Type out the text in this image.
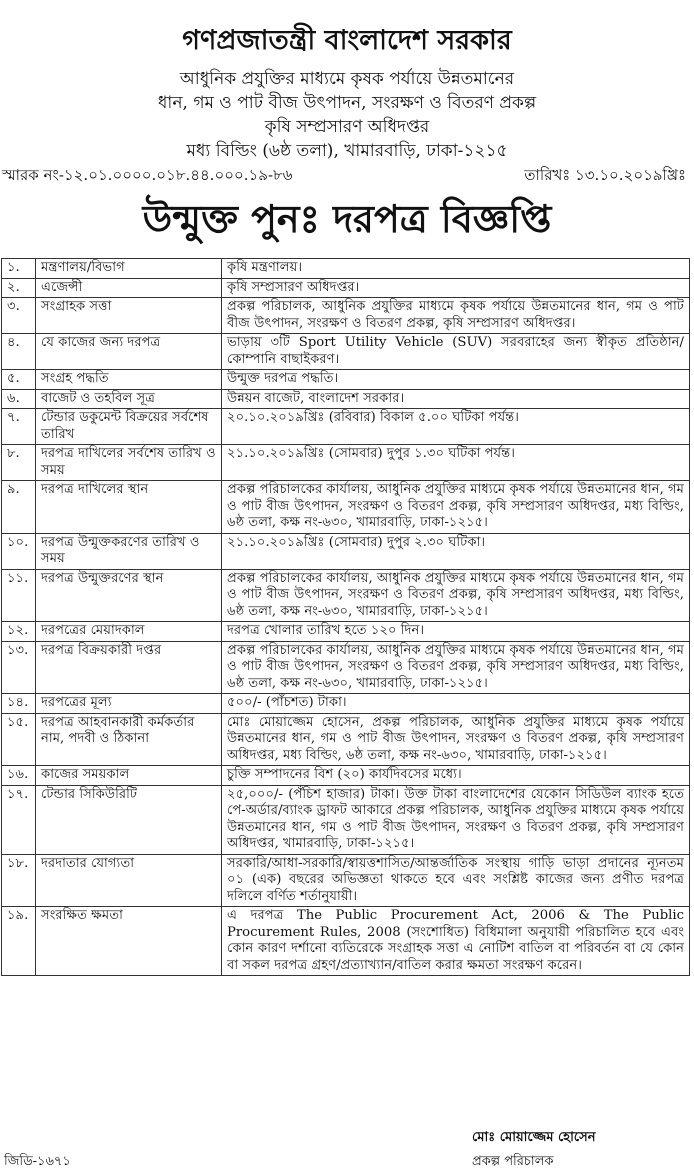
গণপ্রজাতন্ত্রী বাংলাদেশ সরকার
আধুনিক প্রযুক্তির মাধ্যমে কৃষক পর্যায়ে উন্নতমানের
ধান, গম ও পাট বীজ উৎপাদন, সংরক্ষণ ও বিতরণ প্রকল্প
কৃষি সম্প্রসারণ অধিদপ্তর
মধ্য বিল্ডিং (৬ষ্ঠ তলা), খামারবাড়ি, ঢাকা-১২১৫
স্মারক নং-১২.০১.০০০০.০১৮.৪৪.০০০.১৯-৮৬	তারিখঃ ১৩.১০.২০১৯খ্রিঃ
উন্মুক্ত পুনঃ দরপত্র বিজ্ঞপ্তি
১.	মন্ত্রণালয়/বিভাগ	কৃষি মন্ত্রণালয়।
২.	এজেন্সী	কৃষি সম্প্রসারণ অধিদপ্তর।
৩.	সংগ্রাহক সত্তা	প্রকল্প পরিচালক, আধুনিক প্রযুক্তির মাধ্যমে কৃষক পর্যায়ে উন্নতমানের ধান, গম ও পাট বীজ উৎপাদন, সংরক্ষণ ও বিতরণ প্রকল্প, কৃষি সম্প্রসারণ অধিদপ্তর।
৪.	যে কাজের জন্য দরপত্র	ভাড়ায় ৩টি Sport Utility Vehicle (SUV) সরবরাহের জন্য স্বীকৃত প্রতিষ্ঠান/কোম্পানি বাছাইকরণ।
৫.	সংগ্রহ পদ্ধতি	উন্মুক্ত দরপত্র পদ্ধতি।
৬.	বাজেট ও তহবিল সূত্র	উন্নয়ন বাজেট, বাংলাদেশ সরকার।
৭.	টেন্ডার ডকুমেন্ট বিক্রয়ের সর্বশেষ তারিখ	২০.১০.২০১৯খ্রিঃ (রবিবার) বিকাল ৫.০০ ঘটিকা পর্যন্ত।
৮.	দরপত্র দাখিলের সর্বশেষ তারিখ ও সময়	২১.১০.২০১৯খ্রিঃ (সোমবার) দুপুর ১.৩০ ঘটিকা পর্যন্ত।
৯.	দরপত্র দাখিলের স্থান	প্রকল্প পরিচালকের কার্যালয়, আধুনিক প্রযুক্তির মাধ্যমে কৃষক পর্যায়ে উন্নতমানের ধান, গম ও পাট বীজ উৎপাদন, সংরক্ষণ ও বিতরণ প্রকল্প, কৃষি সম্প্রসারণ অধিদপ্তর, মধ্য বিল্ডিং, ৬ষ্ঠ তলা, কক্ষ নং-৬৩০, খামারবাড়ি, ঢাকা-১২১৫।
১০.	দরপত্র উন্মুক্তকরণের তারিখ ও সময়	২১.১০.২০১৯খ্রিঃ (সোমবার) দুপুর ২.৩০ ঘটিকা।
১১.	দরপত্র উন্মুক্তরণের স্থান	প্রকল্প পরিচালকের কার্যালয়, আধুনিক প্রযুক্তির মাধ্যমে কৃষক পর্যায়ে উন্নতমানের ধান, গম ও পাট বীজ উৎপাদন, সংরক্ষণ ও বিতরণ প্রকল্প, কৃষি সম্প্রসারণ অধিদপ্তর, মধ্য বিল্ডিং, ৬ষ্ঠ তলা, কক্ষ নং-৬৩০, খামারবাড়ি, ঢাকা-১২১৫।
১২.	দরপত্রের মেয়াদকাল	দরপত্র খোলার তারিখ হতে ১২০ দিন।
১৩.	দরপত্র বিক্রয়কারী দপ্তর	প্রকল্প পরিচালকের কার্যালয়, আধুনিক প্রযুক্তির মাধ্যমে কৃষক পর্যায়ে উন্নতমানের ধান, গম ও পাট বীজ উৎপাদন, সংরক্ষণ ও বিতরণ প্রকল্প, কৃষি সম্প্রসারণ অধিদপ্তর, মধ্য বিল্ডিং, ৬ষ্ঠ তলা, কক্ষ নং-৬৩০, খামারবাড়ি, ঢাকা-১২১৫।
১৪.	দরপত্রের মূল্য	৫০০/- (পাঁচশত) টাকা।
১৫.	দরপত্র আহবানকারী কর্মকর্তার নাম, পদবী ও ঠিকানা	মোঃ মোয়াজ্জেম হোসেন, প্রকল্প পরিচালক, আধুনিক প্রযুক্তির মাধ্যমে কৃষক পর্যায়ে উন্নতমানের ধান, গম ও পাট বীজ উৎপাদন, সংরক্ষণ ও বিতরণ প্রকল্প, কৃষি সম্প্রসারণ অধিদপ্তর, মধ্য বিল্ডিং, ৬ষ্ঠ তলা, কক্ষ নং-৬৩০, খামারবাড়ি, ঢাকা-১২১৫।
১৬.	কাজের সময়কাল	চুক্তি সম্পাদনের বিশ (২০) কার্যদিবসের মধ্যে।
১৭.	টেন্ডার সিকিউরিটি	২৫,০০০/- (পঁচিশ হাজার) টাকা। উক্ত টাকা বাংলাদেশের যেকোন সিডিউল ব্যাংক হতে পে-অর্ডার/ব্যাংক ড্রাফট আকারে প্রকল্প পরিচালক, আধুনিক প্রযুক্তির মাধ্যমে কৃষক পর্যায়ে উন্নতমানের ধান, গম ও পাট বীজ উৎপাদন, সংরক্ষণ ও বিতরণ প্রকল্প, কৃষি সম্প্রসারণ অধিদপ্তর, খামারবাড়ি, ঢাকা-১২১৫।
১৮.	দরদাতার যোগ্যতা	সরকারি/আধা-সরকারি/স্বায়ত্তশাসিত/আন্তর্জাতিক সংস্থায় গাড়ি ভাড়া প্রদানের ন্যূনতম ০১ (এক) বছরের অভিজ্ঞতা থাকতে হবে এবং সংশ্লিষ্ট কাজের জন্য প্রণীত দরপত্র দলিলে বর্ণিত শর্তানুযায়ী।
১৯.	সংরক্ষিত ক্ষমতা	এ দরপত্র The Public Procurement Act, 2006 & The Public Procurement Rules, 2008 (সংশোধিত) বিধিমালা অনুযায়ী পরিচালিত হবে এবং কোন কারণ দর্শানো ব্যতিরেকে সংগ্রাহক সত্তা এ নোটিশ বাতিল বা পরিবর্তন বা যে কোন বা সকল দরপত্র গ্রহণ/প্রত্যাখ্যান/বাতিল করার ক্ষমতা সংরক্ষণ করেন।
জিডি-১৬৭১
মোঃ মোয়াজ্জেম হোসেন
প্রকল্প পরিচালক
